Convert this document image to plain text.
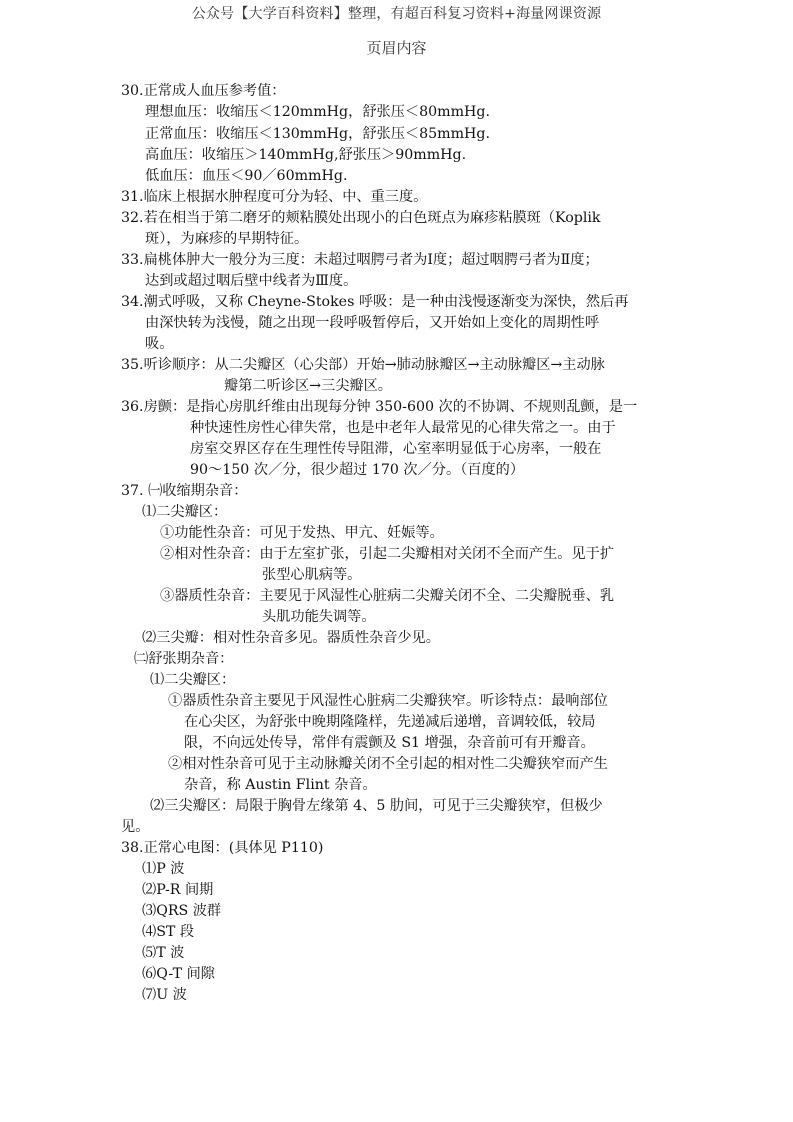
公众号【大学百科资料】整理，有超百科复习资料+海量网课资源
页眉内容
30.正常成人血压参考值：
理想血压：收缩压＜120mmHg，舒张压＜80mmHg.
正常血压：收缩压＜130mmHg，舒张压＜85mmHg.
高血压：收缩压＞140mmHg,舒张压＞90mmHg.
低血压：血压＜90／60mmHg.
31.临床上根据水肿程度可分为轻、中、重三度。
32.若在相当于第二磨牙的颊粘膜处出现小的白色斑点为麻疹粘膜斑（Koplik
斑），为麻疹的早期特征。
33.扁桃体肿大一般分为三度：未超过咽腭弓者为Ⅰ度；超过咽腭弓者为Ⅱ度；
达到或超过咽后壁中线者为Ⅲ度。
34.潮式呼吸，又称 Cheyne-Stokes 呼吸：是一种由浅慢逐渐变为深快，然后再
由深快转为浅慢，随之出现一段呼吸暂停后，又开始如上变化的周期性呼
吸。
35.听诊顺序：从二尖瓣区（心尖部）开始→肺动脉瓣区→主动脉瓣区→主动脉
瓣第二听诊区→三尖瓣区。
36.房颤：是指心房肌纤维由出现每分钟 350-600 次的不协调、不规则乱颤，是一
种快速性房性心律失常，也是中老年人最常见的心律失常之一。由于
房室交界区存在生理性传导阻滞，心室率明显低于心房率，一般在
90～150 次／分，很少超过 170 次／分。（百度的）
37. ㈠收缩期杂音：
⑴二尖瓣区：
①功能性杂音：可见于发热、甲亢、妊娠等。
②相对性杂音：由于左室扩张，引起二尖瓣相对关闭不全而产生。见于扩
张型心肌病等。
③器质性杂音：主要见于风湿性心脏病二尖瓣关闭不全、二尖瓣脱垂、乳
头肌功能失调等。
⑵三尖瓣：相对性杂音多见。器质性杂音少见。
㈡舒张期杂音：
⑴二尖瓣区：
①器质性杂音主要见于风湿性心脏病二尖瓣狭窄。听诊特点：最响部位
在心尖区，为舒张中晚期隆隆样，先递减后递增，音调较低，较局
限，不向远处传导，常伴有震颤及 S1 增强，杂音前可有开瓣音。
②相对性杂音可见于主动脉瓣关闭不全引起的相对性二尖瓣狭窄而产生
杂音，称 Austin Flint 杂音。
⑵三尖瓣区：局限于胸骨左缘第 4、5 肋间，可见于三尖瓣狭窄，但极少
见。
38.正常心电图：(具体见 P110)
⑴P 波
⑵P-R 间期
⑶QRS 波群
⑷ST 段
⑸T 波
⑹Q-T 间隙
⑺U 波
